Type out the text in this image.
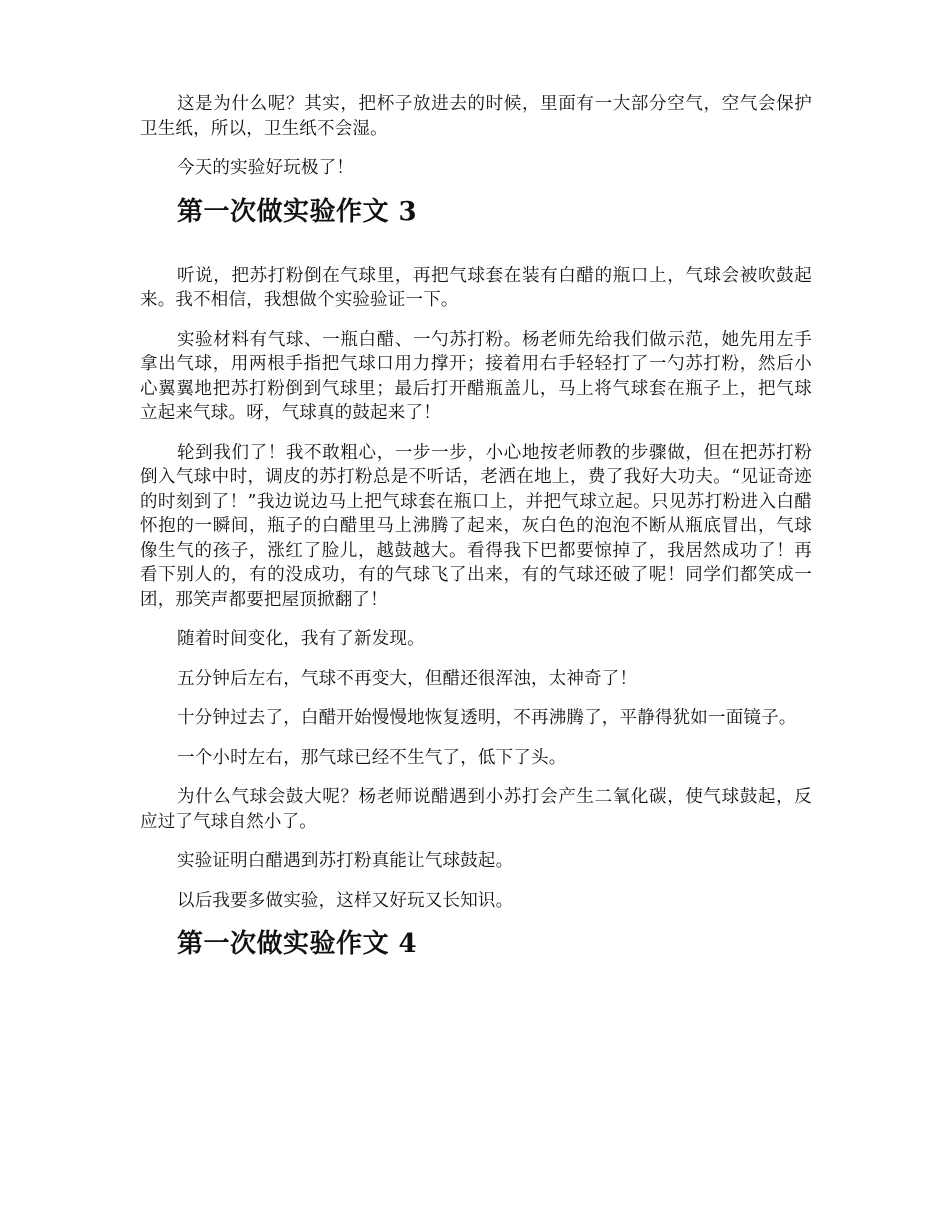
这是为什么呢？其实，把杯子放进去的时候，里面有一大部分空气，空气会保护卫生纸，所以，卫生纸不会湿。

今天的实验好玩极了！

第一次做实验作文 3

听说，把苏打粉倒在气球里，再把气球套在装有白醋的瓶口上，气球会被吹鼓起来。我不相信，我想做个实验验证一下。

实验材料有气球、一瓶白醋、一勺苏打粉。杨老师先给我们做示范，她先用左手拿出气球，用两根手指把气球口用力撑开；接着用右手轻轻打了一勺苏打粉，然后小心翼翼地把苏打粉倒到气球里；最后打开醋瓶盖儿，马上将气球套在瓶子上，把气球立起来气球。呀，气球真的鼓起来了！

轮到我们了！我不敢粗心，一步一步，小心地按老师教的步骤做，但在把苏打粉倒入气球中时，调皮的苏打粉总是不听话，老洒在地上，费了我好大功夫。“见证奇迹的时刻到了！”我边说边马上把气球套在瓶口上，并把气球立起。只见苏打粉进入白醋怀抱的一瞬间，瓶子的白醋里马上沸腾了起来，灰白色的泡泡不断从瓶底冒出，气球像生气的孩子，涨红了脸儿，越鼓越大。看得我下巴都要惊掉了，我居然成功了！再看下别人的，有的没成功，有的气球飞了出来，有的气球还破了呢！同学们都笑成一团，那笑声都要把屋顶掀翻了！

随着时间变化，我有了新发现。

五分钟后左右，气球不再变大，但醋还很浑浊，太神奇了！

十分钟过去了，白醋开始慢慢地恢复透明，不再沸腾了，平静得犹如一面镜子。

一个小时左右，那气球已经不生气了，低下了头。

为什么气球会鼓大呢？杨老师说醋遇到小苏打会产生二氧化碳，使气球鼓起，反应过了气球自然小了。

实验证明白醋遇到苏打粉真能让气球鼓起。

以后我要多做实验，这样又好玩又长知识。

第一次做实验作文 4
